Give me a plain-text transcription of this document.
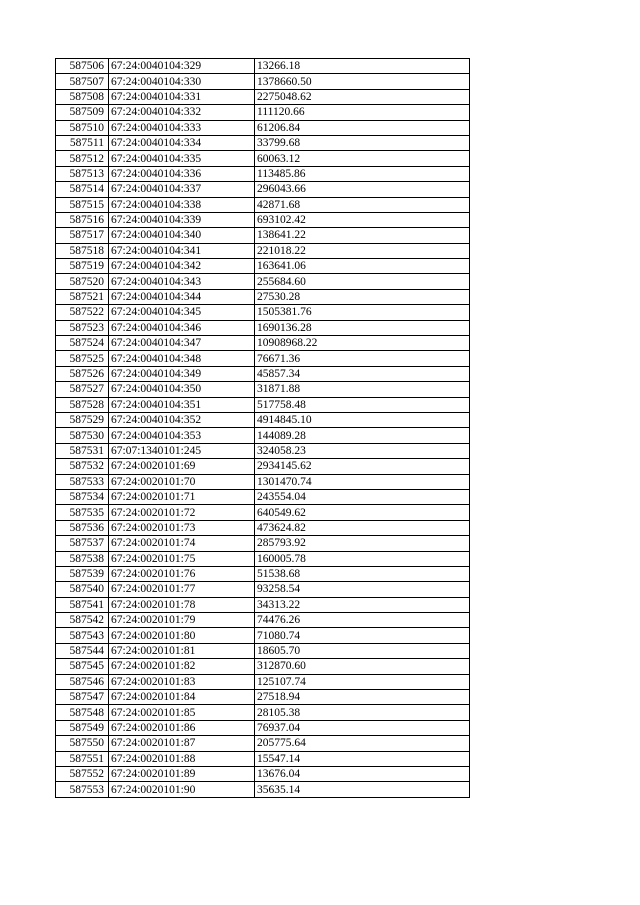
587506	67:24:0040104:329	13266.18
587507	67:24:0040104:330	1378660.50
587508	67:24:0040104:331	2275048.62
587509	67:24:0040104:332	111120.66
587510	67:24:0040104:333	61206.84
587511	67:24:0040104:334	33799.68
587512	67:24:0040104:335	60063.12
587513	67:24:0040104:336	113485.86
587514	67:24:0040104:337	296043.66
587515	67:24:0040104:338	42871.68
587516	67:24:0040104:339	693102.42
587517	67:24:0040104:340	138641.22
587518	67:24:0040104:341	221018.22
587519	67:24:0040104:342	163641.06
587520	67:24:0040104:343	255684.60
587521	67:24:0040104:344	27530.28
587522	67:24:0040104:345	1505381.76
587523	67:24:0040104:346	1690136.28
587524	67:24:0040104:347	10908968.22
587525	67:24:0040104:348	76671.36
587526	67:24:0040104:349	45857.34
587527	67:24:0040104:350	31871.88
587528	67:24:0040104:351	517758.48
587529	67:24:0040104:352	4914845.10
587530	67:24:0040104:353	144089.28
587531	67:07:1340101:245	324058.23
587532	67:24:0020101:69	2934145.62
587533	67:24:0020101:70	1301470.74
587534	67:24:0020101:71	243554.04
587535	67:24:0020101:72	640549.62
587536	67:24:0020101:73	473624.82
587537	67:24:0020101:74	285793.92
587538	67:24:0020101:75	160005.78
587539	67:24:0020101:76	51538.68
587540	67:24:0020101:77	93258.54
587541	67:24:0020101:78	34313.22
587542	67:24:0020101:79	74476.26
587543	67:24:0020101:80	71080.74
587544	67:24:0020101:81	18605.70
587545	67:24:0020101:82	312870.60
587546	67:24:0020101:83	125107.74
587547	67:24:0020101:84	27518.94
587548	67:24:0020101:85	28105.38
587549	67:24:0020101:86	76937.04
587550	67:24:0020101:87	205775.64
587551	67:24:0020101:88	15547.14
587552	67:24:0020101:89	13676.04
587553	67:24:0020101:90	35635.14
